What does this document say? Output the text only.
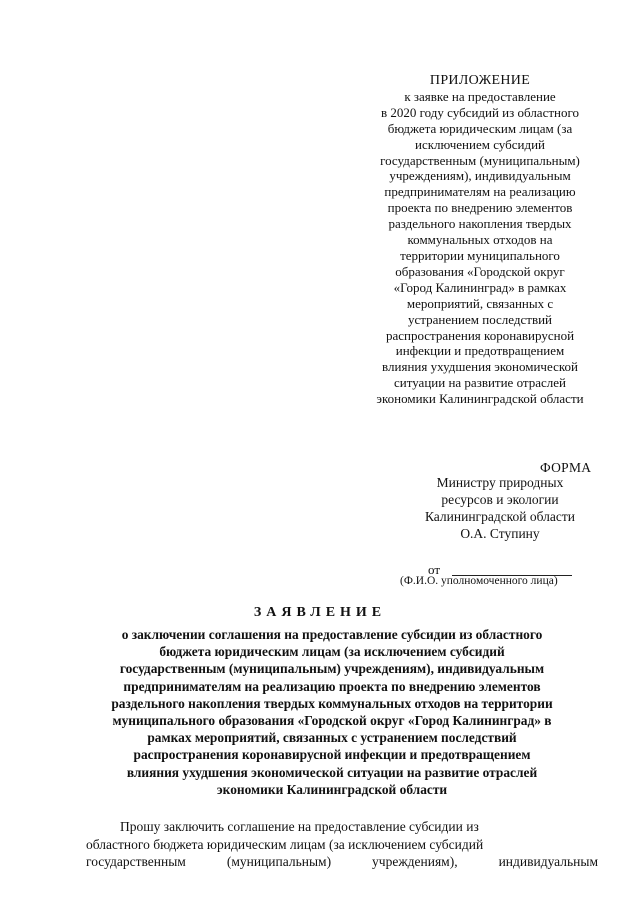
ПРИЛОЖЕНИЕ
к заявке на предоставление
в 2020 году субсидий из областного
бюджета юридическим лицам (за
исключением субсидий
государственным (муниципальным)
учреждениям), индивидуальным
предпринимателям на реализацию
проекта по внедрению элементов
раздельного накопления твердых
коммунальных отходов на
территории муниципального
образования «Городской округ
«Город Калининград» в рамках
мероприятий, связанных с
устранением последствий
распространения коронавирусной
инфекции и предотвращением
влияния ухудшения экономической
ситуации на развитие отраслей
экономики Калининградской области
ФОРМА
Министру природных
ресурсов и экологии
Калининградской области
О.А. Ступину
от
(Ф.И.О. уполномоченного лица)
ЗАЯВЛЕНИЕ
о заключении соглашения на предоставление субсидии из областного
бюджета юридическим лицам (за исключением субсидий
государственным (муниципальным) учреждениям), индивидуальным
предпринимателям на реализацию проекта по внедрению элементов
раздельного накопления твердых коммунальных отходов на территории
муниципального образования «Городской округ «Город Калининград» в
рамках мероприятий, связанных с устранением последствий
распространения коронавирусной инфекции и предотвращением
влияния ухудшения экономической ситуации на развитие отраслей
экономики Калининградской области
Прошу заключить соглашение на предоставление субсидии из
областного бюджета юридическим лицам (за исключением субсидий
государственным (муниципальным) учреждениям), индивидуальным
